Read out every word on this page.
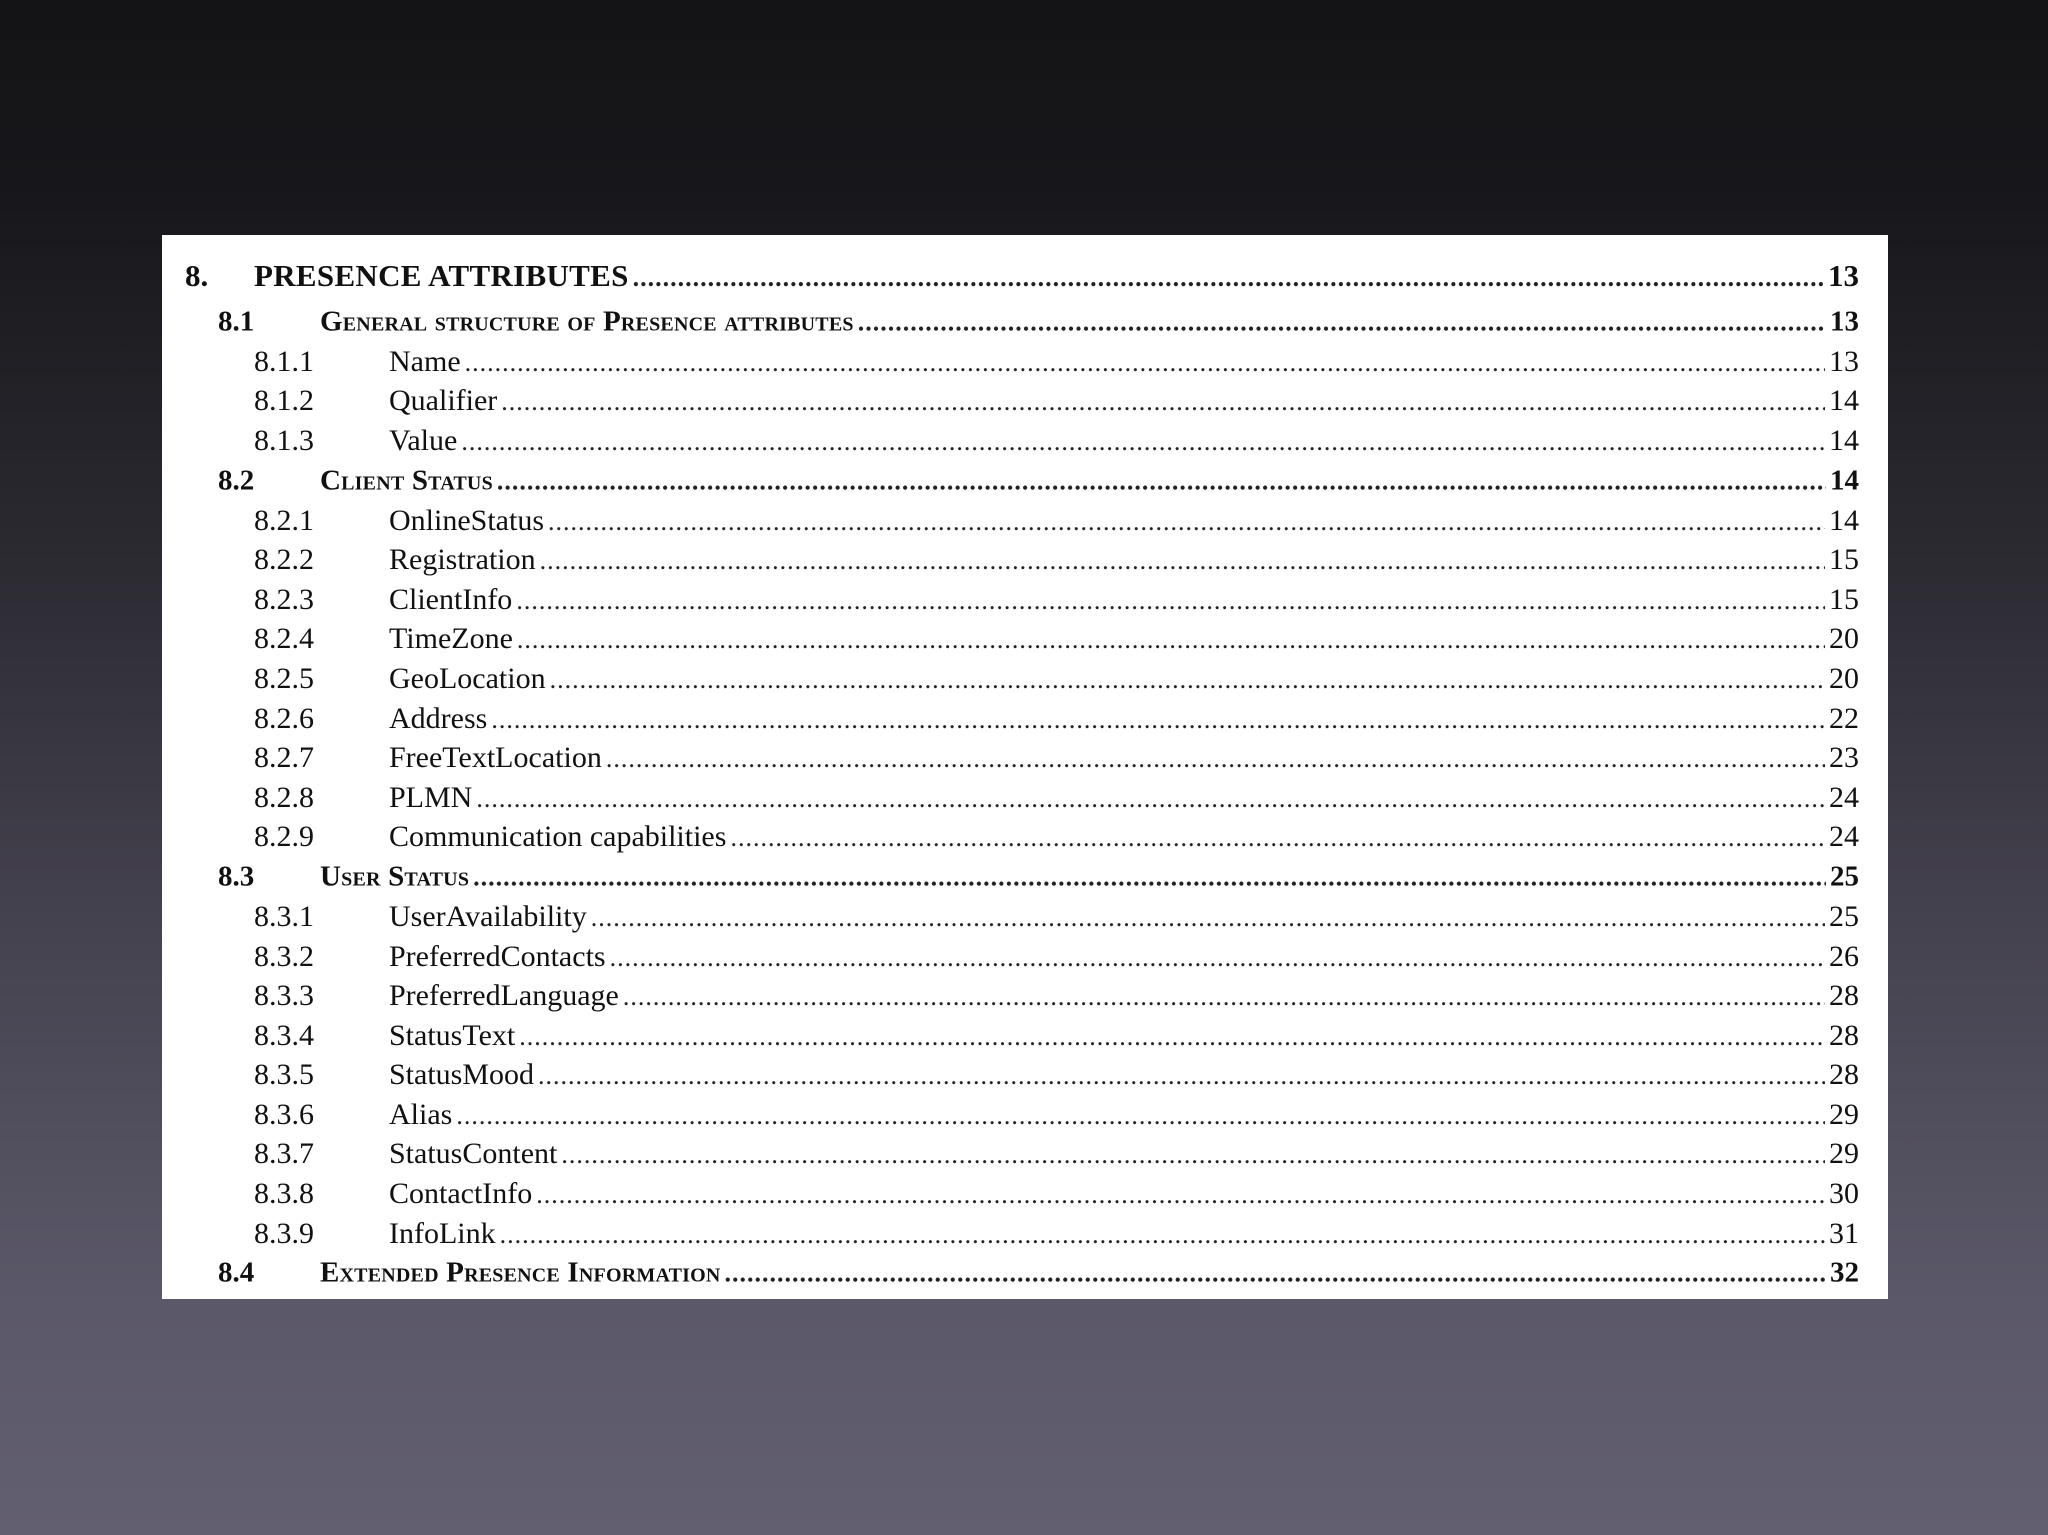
8. PRESENCE ATTRIBUTES .....	13
8.1 General structure of Presence attributes .....	13
8.1.1	Name .....	13
8.1.2	Qualifier .....	14
8.1.3	Value .....	14
8.2 Client Status .....	14
8.2.1	OnlineStatus .....	14
8.2.2	Registration .....	15
8.2.3	ClientInfo .....	15
8.2.4	TimeZone .....	20
8.2.5	GeoLocation .....	20
8.2.6	Address .....	22
8.2.7	FreeTextLocation .....	23
8.2.8	PLMN .....	24
8.2.9	Communication capabilities .....	24
8.3 User Status .....	25
8.3.1	UserAvailability .....	25
8.3.2	PreferredContacts .....	26
8.3.3	PreferredLanguage .....	28
8.3.4	StatusText .....	28
8.3.5	StatusMood .....	28
8.3.6	Alias .....	29
8.3.7	StatusContent .....	29
8.3.8	ContactInfo .....	30
8.3.9	InfoLink .....	31
8.4 Extended Presence Information .....	32
